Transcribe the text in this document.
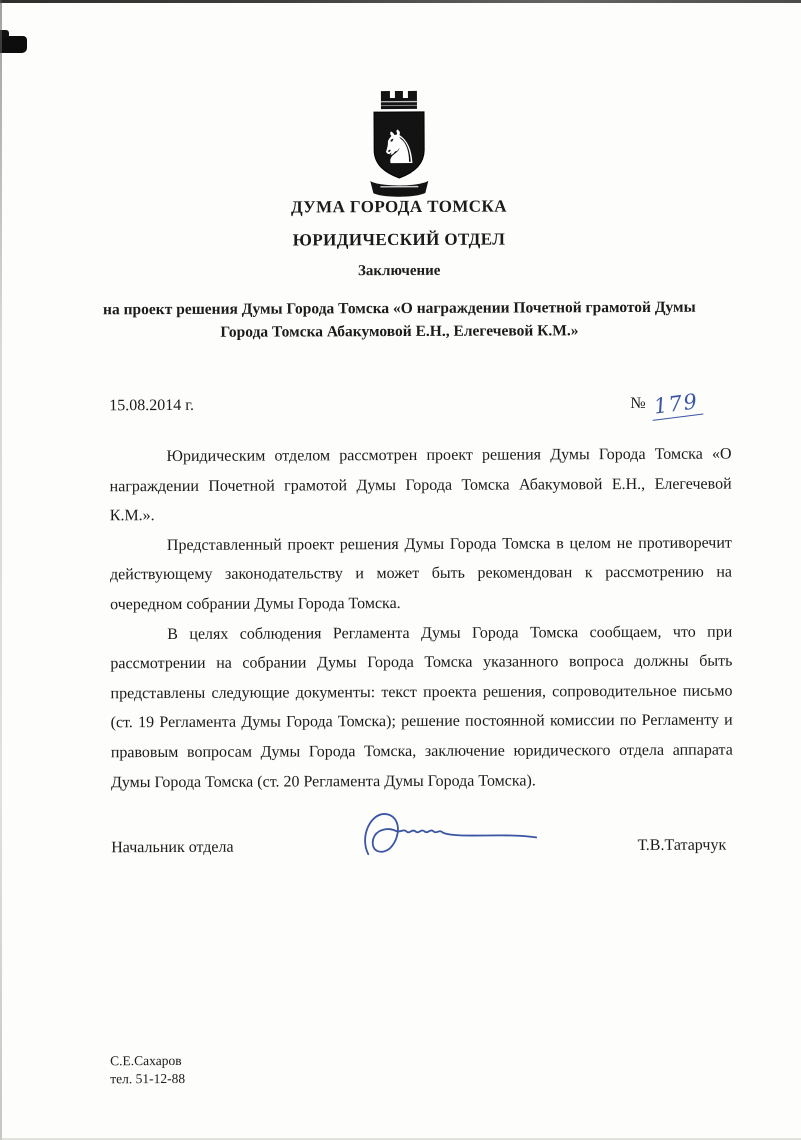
♞
ДУМА ГОРОДА ТОМСКА
ЮРИДИЧЕСКИЙ ОТДЕЛ
Заключение
на проект решения Думы Города Томска «О награждении Почетной грамотой Думы Города Томска Абакумовой Е.Н., Елегечевой К.М.»
15.08.2014 г.	№ 179

Юридическим отделом рассмотрен проект решения Думы Города Томска «О награждении Почетной грамотой Думы Города Томска Абакумовой Е.Н., Елегечевой К.М.».

Представленный проект решения Думы Города Томска в целом не противоречит действующему законодательству и может быть рекомендован к рассмотрению на очередном собрании Думы Города Томска.

В целях соблюдения Регламента Думы Города Томска сообщаем, что при рассмотрении на собрании Думы Города Томска указанного вопроса должны быть представлены следующие документы: текст проекта решения, сопроводительное письмо (ст. 19 Регламента Думы Города Томска); решение постоянной комиссии по Регламенту и правовым вопросам Думы Города Томска, заключение юридического отдела аппарата Думы Города Томска (ст. 20 Регламента Думы Города Томска).

Начальник отдела	Т.В.Татарчук
С.Е.Сахаров
тел. 51-12-88
